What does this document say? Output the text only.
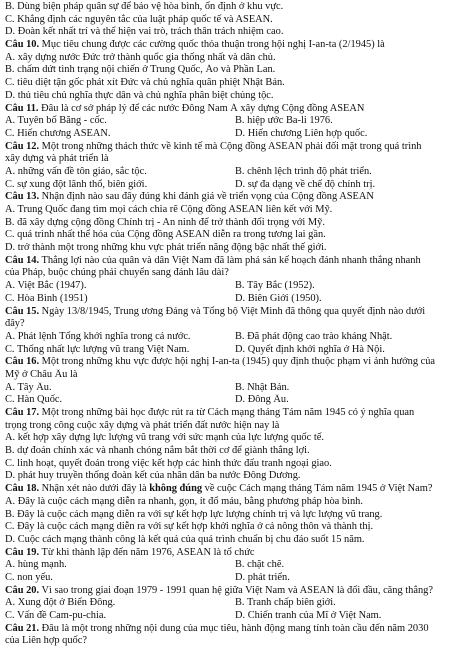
B. Dùng biện pháp quân sự để bảo vệ hòa bình, ổn định ở khu vực.
C. Khẳng định các nguyên tắc của luật pháp quốc tế và ASEAN.
D. Đoàn kết nhất trí và thể hiện vai trò, trách thân trách nhiệm cao.
Câu 10. Mục tiêu chung được các cường quốc thỏa thuận trong hội nghị I-an-ta (2/1945) là
A. xây dựng nước Đức trở thành quốc gia thống nhất và dân chủ.
B. chấm dứt tình trạng nội chiến ở Trung Quốc, Áo và Phần Lan.
C. tiêu diệt tận gốc phát xít Đức và chủ nghĩa quân phiệt Nhật Bản.
D. thủ tiêu chủ nghĩa thực dân và chủ nghĩa phân biệt chủng tộc.
Câu 11. Đâu là cơ sở pháp lý để các nước Đông Nam Á xây dựng Cộng đồng ASEAN
A. Tuyên bố Băng - cốc.	B. hiệp ước Ba-li 1976.
C. Hiến chương ASEAN.	D. Hiến chương Liên hợp quốc.
Câu 12. Một trong những thách thức về kinh tế mà Cộng đồng ASEAN phải đối mặt trong quá trình
xây dựng và phát triển là
A. những vấn đề tôn giáo, sắc tộc.	B. chênh lệch trình độ phát triển.
C. sự xung đột lãnh thổ, biên giới.	D. sự đa dạng về chế độ chính trị.
Câu 13. Nhận định nào sau đây đúng khi đánh giá về triển vọng của Cộng đồng ASEAN
A. Trung Quốc đang tìm mọi cách chia rẽ Cộng đồng ASEAN liên kết với Mỹ.
B. đã xây dựng cộng đồng Chính trị - An ninh để trở thành đối trọng với Mỹ.
C. quá trình nhất thể hóa của Cộng đồng ASEAN diễn ra trong tương lai gần.
D. trở thành một trong những khu vực phát triển năng động bậc nhất thế giới.
Câu 14. Thắng lợi nào của quân và dân Việt Nam đã làm phá sản kế hoạch đánh nhanh thắng nhanh
của Pháp, buộc chúng phải chuyển sang đánh lâu dài?
A. Việt Bắc (1947).	B. Tây Bắc (1952).
C. Hòa Bình (1951)	D. Biên Giới (1950).
Câu 15. Ngày 13/8/1945, Trung ương Đảng và Tổng bộ Việt Minh đã thông qua quyết định nào dưới
đây?
A. Phát lệnh Tổng khởi nghĩa trong cả nước.	B. Đã phát động cao trào kháng Nhật.
C. Thống nhất lực lượng vũ trang Việt Nam.	D. Quyết định khởi nghĩa ở Hà Nội.
Câu 16. Một trong những khu vực được hội nghị I-an-ta (1945) quy định thuộc phạm vi ảnh hưởng của
Mỹ ở Châu Âu là
A. Tây Âu.	B. Nhật Bản.
C. Hàn Quốc.	D. Đông Âu.
Câu 17. Một trong những bài học được rút ra từ Cách mạng tháng Tám năm 1945 có ý nghĩa quan
trọng trong công cuộc xây dựng và phát triển đất nước hiện nay là
A. kết hợp xây dựng lực lượng vũ trang với sức mạnh của lực lượng quốc tế.
B. dự đoán chính xác và nhanh chóng nắm bắt thời cơ để giành thắng lợi.
C. linh hoạt, quyết đoán trong việc kết hợp các hình thức đấu tranh ngoại giao.
D. phát huy truyền thống đoàn kết của nhân dân ba nước Đông Dương.
Câu 18. Nhận xét nào dưới đây là không đúng về cuộc Cách mạng tháng Tám năm 1945 ở Việt Nam?
A. Đây là cuộc cách mạng diễn ra nhanh, gọn, ít đổ máu, bằng phương pháp hòa bình.
B. Đây là cuộc cách mạng diễn ra với sự kết hợp lực lượng chính trị và lực lượng vũ trang.
C. Đây là cuộc cách mạng diễn ra với sự kết hợp khởi nghĩa ở cả nông thôn và thành thị.
D. Cuộc cách mạng thành công là kết quả của quá trình chuẩn bị chu đáo suốt 15 năm.
Câu 19. Từ khi thành lập đến năm 1976, ASEAN là tổ chức
A. hùng mạnh.	B. chặt chẽ.
C. non yếu.	D. phát triển.
Câu 20. Vì sao trong giai đoạn 1979 - 1991 quan hệ giữa Việt Nam và ASEAN là đối đầu, căng thẳng?
A. Xung đột ở Biển Đông.	B. Tranh chấp biên giới.
C. Vấn đề Cam-pu-chia.	D. Chiến tranh của Mĩ ở Việt Nam.
Câu 21. Đâu là một trong những nội dung của mục tiêu, hành động mang tính toàn cầu đến năm 2030
của Liên hợp quốc?
